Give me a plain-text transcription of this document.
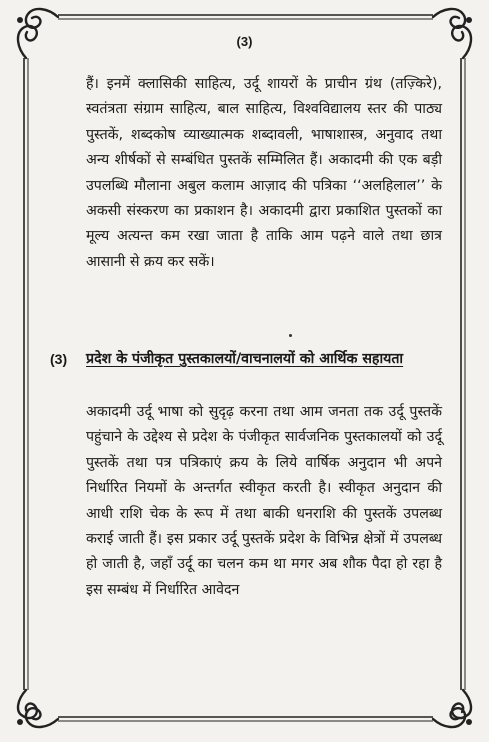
(3)

हैं। इनमें क्लासिकी साहित्य, उर्दू शायरों के प्राचीन ग्रंथ (तज़्किरे), स्वतंत्रता संग्राम साहित्य, बाल साहित्य, विश्वविद्यालय स्तर की पाठ्य पुस्तकें, शब्दकोष व्याख्यात्मक शब्दावली, भाषाशास्त्र, अनुवाद तथा अन्य शीर्षकों से सम्बंधित पुस्तकें सम्मिलित हैं। अकादमी की एक बड़ी उपलब्धि मौलाना अबुल कलाम आज़ाद की पत्रिका ‘‘अलहिलाल’’ के अकसी संस्करण का प्रकाशन है। अकादमी द्वारा प्रकाशित पुस्तकों का मूल्य अत्यन्त कम रखा जाता है ताकि आम पढ़ने वाले तथा छात्र आसानी से क्रय कर सकें।

(3) प्रदेश के पंजीकृत पुस्तकालयों/वाचनालयों को आर्थिक सहायता
अकादमी उर्दू भाषा को सुदृढ़ करना तथा आम जनता तक उर्दू पुस्तकें पहुंचाने के उद्देश्य से प्रदेश के पंजीकृत सार्वजनिक पुस्तकालयों को उर्दू पुस्तकें तथा पत्र पत्रिकाएं क्रय के लिये वार्षिक अनुदान भी अपने निर्धारित नियमों के अन्तर्गत स्वीकृत करती है। स्वीकृत अनुदान की आधी राशि चेक के रूप में तथा बाकी धनराशि की पुस्तकें उपलब्ध कराई जाती हैं। इस प्रकार उर्दू पुस्तकें प्रदेश के विभिन्न क्षेत्रों में उपलब्ध हो जाती है, जहाँ उर्दू का चलन कम था मगर अब शौक पैदा हो रहा है इस सम्बंध में निर्धारित आवेदन
